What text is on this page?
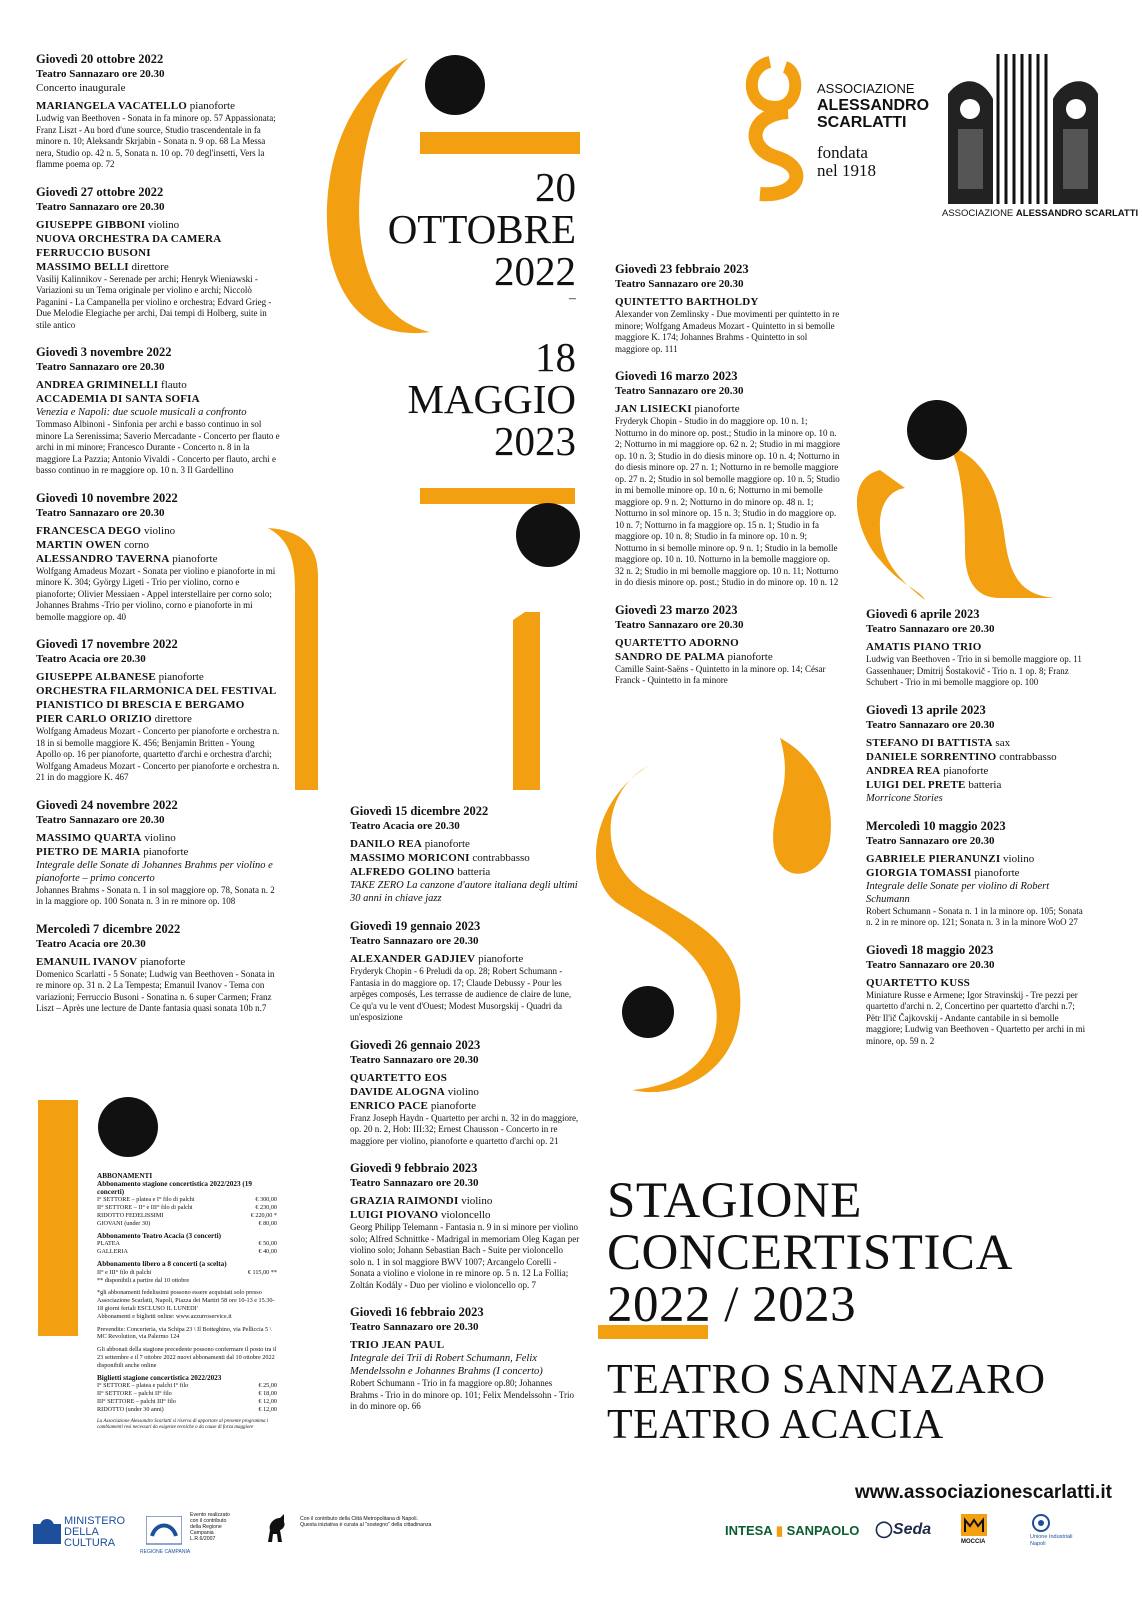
20
OTTOBRE
2022
–
18
MAGGIO
2023
ASSOCIAZIONE
ALESSANDRO
SCARLATTI
fondata
nel 1918
ASSOCIAZIONE ALESSANDRO SCARLATTI
Giovedì 20 ottobre 2022
Teatro Sannazaro ore 20.30
Concerto inaugurale
MARIANGELA VACATELLO pianoforte
Ludwig van Beethoven - Sonata in fa minore op. 57 Appassionata; Franz Liszt - Au bord d'une source, Studio trascendentale in fa minore n. 10; Aleksandr Skrjabin - Sonata n. 9 op. 68 La Messa nera, Studio op. 42 n. 5, Sonata n. 10 op. 70 degl'insetti, Vers la flamme poema op. 72
Giovedì 27 ottobre 2022
Teatro Sannazaro ore 20.30
GIUSEPPE GIBBONI violino
NUOVA ORCHESTRA DA CAMERA FERRUCCIO BUSONI
MASSIMO BELLI direttore
Vasilij Kalinnikov - Serenade per archi; Henryk Wieniawski - Variazioni su un Tema originale per violino e archi; Niccolò Paganini - La Campanella per violino e orchestra; Edvard Grieg - Due Melodie Elegiache per archi, Dai tempi di Holberg, suite in stile antico
Giovedì 3 novembre 2022
Teatro Sannazaro ore 20.30
ANDREA GRIMINELLI flauto
ACCADEMIA DI SANTA SOFIA
Venezia e Napoli: due scuole musicali a confronto
Tommaso Albinoni - Sinfonia per archi e basso continuo in sol minore La Serenissima; Saverio Mercadante - Concerto per flauto e archi in mi minore; Francesco Durante - Concerto n. 8 in la maggiore La Pazzia; Antonio Vivaldi - Concerto per flauto, archi e basso continuo in re maggiore op. 10 n. 3 Il Gardellino
Giovedì 10 novembre 2022
Teatro Sannazaro ore 20.30
FRANCESCA DEGO violino
MARTIN OWEN corno
ALESSANDRO TAVERNA pianoforte
Wolfgang Amadeus Mozart - Sonata per violino e pianoforte in mi minore K. 304; György Ligeti - Trio per violino, corno e pianoforte; Olivier Messiaen - Appel interstellaire per corno solo; Johannes Brahms -Trio per violino, corno e pianoforte in mi bemolle maggiore op. 40
Giovedì 17 novembre 2022
Teatro Acacia ore 20.30
GIUSEPPE ALBANESE pianoforte
ORCHESTRA FILARMONICA DEL FESTIVAL PIANISTICO DI BRESCIA E BERGAMO
PIER CARLO ORIZIO direttore
Wolfgang Amadeus Mozart - Concerto per pianoforte e orchestra n. 18 in si bemolle maggiore K. 456; Benjamin Britten - Young Apollo op. 16 per pianoforte, quartetto d'archi e orchestra d'archi; Wolfgang Amadeus Mozart - Concerto per pianoforte e orchestra n. 21 in do maggiore K. 467
Giovedì 24 novembre 2022
Teatro Sannazaro ore 20.30
MASSIMO QUARTA violino
PIETRO DE MARIA pianoforte
Integrale delle Sonate di Johannes Brahms per violino e pianoforte – primo concerto
Johannes Brahms - Sonata n. 1 in sol maggiore op. 78, Sonata n. 2 in la maggiore op. 100 Sonata n. 3 in re minore op. 108
Mercoledì 7 dicembre 2022
Teatro Acacia ore 20.30
EMANUIL IVANOV pianoforte
Domenico Scarlatti - 5 Sonate; Ludwig van Beethoven - Sonata in re minore op. 31 n. 2 La Tempesta; Emanuil Ivanov - Tema con variazioni; Ferruccio Busoni - Sonatina n. 6 super Carmen; Franz Liszt – Après une lecture de Dante fantasia quasi sonata 10b n.7
Giovedì 15 dicembre 2022
Teatro Acacia ore 20.30
DANILO REA pianoforte
MASSIMO MORICONI contrabbasso
ALFREDO GOLINO batteria
TAKE ZERO La canzone d'autore italiana degli ultimi 30 anni in chiave jazz
Giovedì 19 gennaio 2023
Teatro Sannazaro ore 20.30
ALEXANDER GADJIEV pianoforte
Fryderyk Chopin - 6 Preludi da op. 28; Robert Schumann - Fantasia in do maggiore op. 17; Claude Debussy - Pour les arpèges composés, Les terrasse de audience de claire de lune, Ce qu'a vu le vent d'Ouest; Modest Musorgskij - Quadri da un'esposizione
Giovedì 26 gennaio 2023
Teatro Sannazaro ore 20.30
QUARTETTO EOS
DAVIDE ALOGNA violino
ENRICO PACE pianoforte
Franz Joseph Haydn - Quartetto per archi n. 32 in do maggiore, op. 20 n. 2, Hob: III:32; Ernest Chausson - Concerto in re maggiore per violino, pianoforte e quartetto d'archi op. 21
Giovedì 9 febbraio 2023
Teatro Sannazaro ore 20.30
GRAZIA RAIMONDI violino
LUIGI PIOVANO violoncello
Georg Philipp Telemann - Fantasia n. 9 in si minore per violino solo; Alfred Schnittke - Madrigal in memoriam Oleg Kagan per violino solo; Johann Sebastian Bach - Suite per violoncello solo n. 1 in sol maggiore BWV 1007; Arcangelo Corelli - Sonata a violino e violone in re minore op. 5 n. 12 La Follia; Zoltán Kodály - Duo per violino e violoncello op. 7
Giovedì 16 febbraio 2023
Teatro Sannazaro ore 20.30
TRIO JEAN PAUL
Integrale dei Trii di Robert Schumann, Felix Mendelssohn e Johannes Brahms (I concerto)
Robert Schumann - Trio in fa maggiore op.80; Johannes Brahms - Trio in do minore op. 101; Felix Mendelssohn - Trio in do minore op. 66
Giovedì 23 febbraio 2023
Teatro Sannazaro ore 20.30
QUINTETTO BARTHOLDY
Alexander von Zemlinsky - Due movimenti per quintetto in re minore; Wolfgang Amadeus Mozart - Quintetto in si bemolle maggiore K. 174; Johannes Brahms - Quintetto in sol maggiore op. 111
Giovedì 16 marzo 2023
Teatro Sannazaro ore 20.30
JAN LISIECKI pianoforte
Fryderyk Chopin - Studio in do maggiore op. 10 n. 1; Notturno in do minore op. post.; Studio in la minore op. 10 n. 2; Notturno in mi maggiore op. 62 n. 2; Studio in mi maggiore op. 10 n. 3; Studio in do diesis minore op. 10 n. 4; Notturno in do diesis minore op. 27 n. 1; Notturno in re bemolle maggiore op. 27 n. 2; Studio in sol bemolle maggiore op. 10 n. 5; Studio in mi bemolle minore op. 10 n. 6; Notturno in mi bemolle maggiore op. 9 n. 2; Notturno in do minore op. 48 n. 1; Notturno in sol minore op. 15 n. 3; Studio in do maggiore op. 10 n. 7; Notturno in fa maggiore op. 15 n. 1; Studio in fa maggiore op. 10 n. 8; Studio in fa minore op. 10 n. 9; Notturno in si bemolle minore op. 9 n. 1; Studio in la bemolle maggiore op. 10 n. 10. Notturno in la bemolle maggiore op. 32 n. 2; Studio in mi bemolle maggiore op. 10 n. 11; Notturno in do diesis minore op. post.; Studio in do minore op. 10 n. 12
Giovedì 23 marzo 2023
Teatro Sannazaro ore 20.30
QUARTETTO ADORNO
SANDRO DE PALMA pianoforte
Camille Saint-Saëns - Quintetto in la minore op. 14; César Franck - Quintetto in fa minore
Giovedì 6 aprile 2023
Teatro Sannazaro ore 20.30
AMATIS PIANO TRIO
Ludwig van Beethoven - Trio in si bemolle maggiore op. 11 Gassenhauer; Dmitrij Šostakovič - Trio n. 1 op. 8; Franz Schubert - Trio in mi bemolle maggiore op. 100
Giovedì 13 aprile 2023
Teatro Sannazaro ore 20.30
STEFANO DI BATTISTA sax
DANIELE SORRENTINO contrabbasso
ANDREA REA pianoforte
LUIGI DEL PRETE batteria
Morricone Stories
Mercoledì 10 maggio 2023
Teatro Sannazaro ore 20.30
GABRIELE PIERANUNZI violino
GIORGIA TOMASSI pianoforte
Integrale delle Sonate per violino di Robert Schumann
Robert Schumann - Sonata n. 1 in la minore op. 105; Sonata n. 2 in re minore op. 121; Sonata n. 3 in la minore WoO 27
Giovedì 18 maggio 2023
Teatro Sannazaro ore 20.30
QUARTETTO KUSS
Miniature Russe e Armene; Igor Stravinskij - Tre pezzi per quartetto d'archi n. 2, Concertino per quartetto d'archi n.7; Pëtr Il'ič Čajkovskij - Andante cantabile in si bemolle maggiore; Ludwig van Beethoven - Quartetto per archi in mi minore, op. 59 n. 2
STAGIONE
CONCERTISTICA
2022 / 2023
TEATRO SANNAZARO
TEATRO ACACIA
www.associazionescarlatti.it
ABBONAMENTI
Abbonamento stagione concertistica 2022/2023 (19 concerti)
I° SETTORE – platea e I° filo di palchi	€ 300,00
II° SETTORE – II° e III° filo di palchi	€ 230,00
RIDOTTO FEDELISSIMI	€ 220,00 *
GIOVANI (under 30)	€ 80,00
Abbonamento Teatro Acacia (3 concerti)
PLATEA	€ 50,00
GALLERIA	€ 40,00
Abbonamento libero a 8 concerti (a scelta)
II° e III° filo di palchi	€ 115,00 **
** disponibili a partire dal 10 ottobre
*gli abbonamenti fedelissimi possono essere acquistati solo presso Associazione Scarlatti, Napoli, Piazza dei Martiri 58 ore 10-13 e 15.30-18 giorni feriali ESCLUSO IL LUNEDI'
Abbonamenti e biglietti online: www.azzurroservice.it
Prevendite: Concerteria, via Schipa 23 \ Il Botteghino, via Pelliccia 5 \ MC Revolution, via Palermo 124
Gli abbonati della stagione precedente possono confermare il posto tra il 23 settembre e il 7 ottobre 2022 nuovi abbonamenti dal 10 ottobre 2022 disponibili anche online
Biglietti stagione concertistica 2022/2023
I° SETTORE – platea e palchi I° filo	€ 25,00
II° SETTORE – palchi II° filo	€ 18,00
III° SETTORE – palchi III° filo	€ 12,00
RIDOTTO (under 30 anni)	€ 12,00
La Associazione Alessandro Scarlatti si riserva di apportare al presente programma i cambiamenti resi necessari da esigenze tecniche o da cause di forza maggiore
MINISTERO
DELLA
CULTURA
REGIONE CAMPANIA
Evento realizzato con il contributo della Regione Campania L.R.6/2007
Con il contributo della Città Metropolitana di Napoli. Questa iniziativa è curata al "sostegno" della cittadinanza	INTESA ▮ SANPAOLO ◯Seda
MOCCIA
Unione Industriali Napoli
